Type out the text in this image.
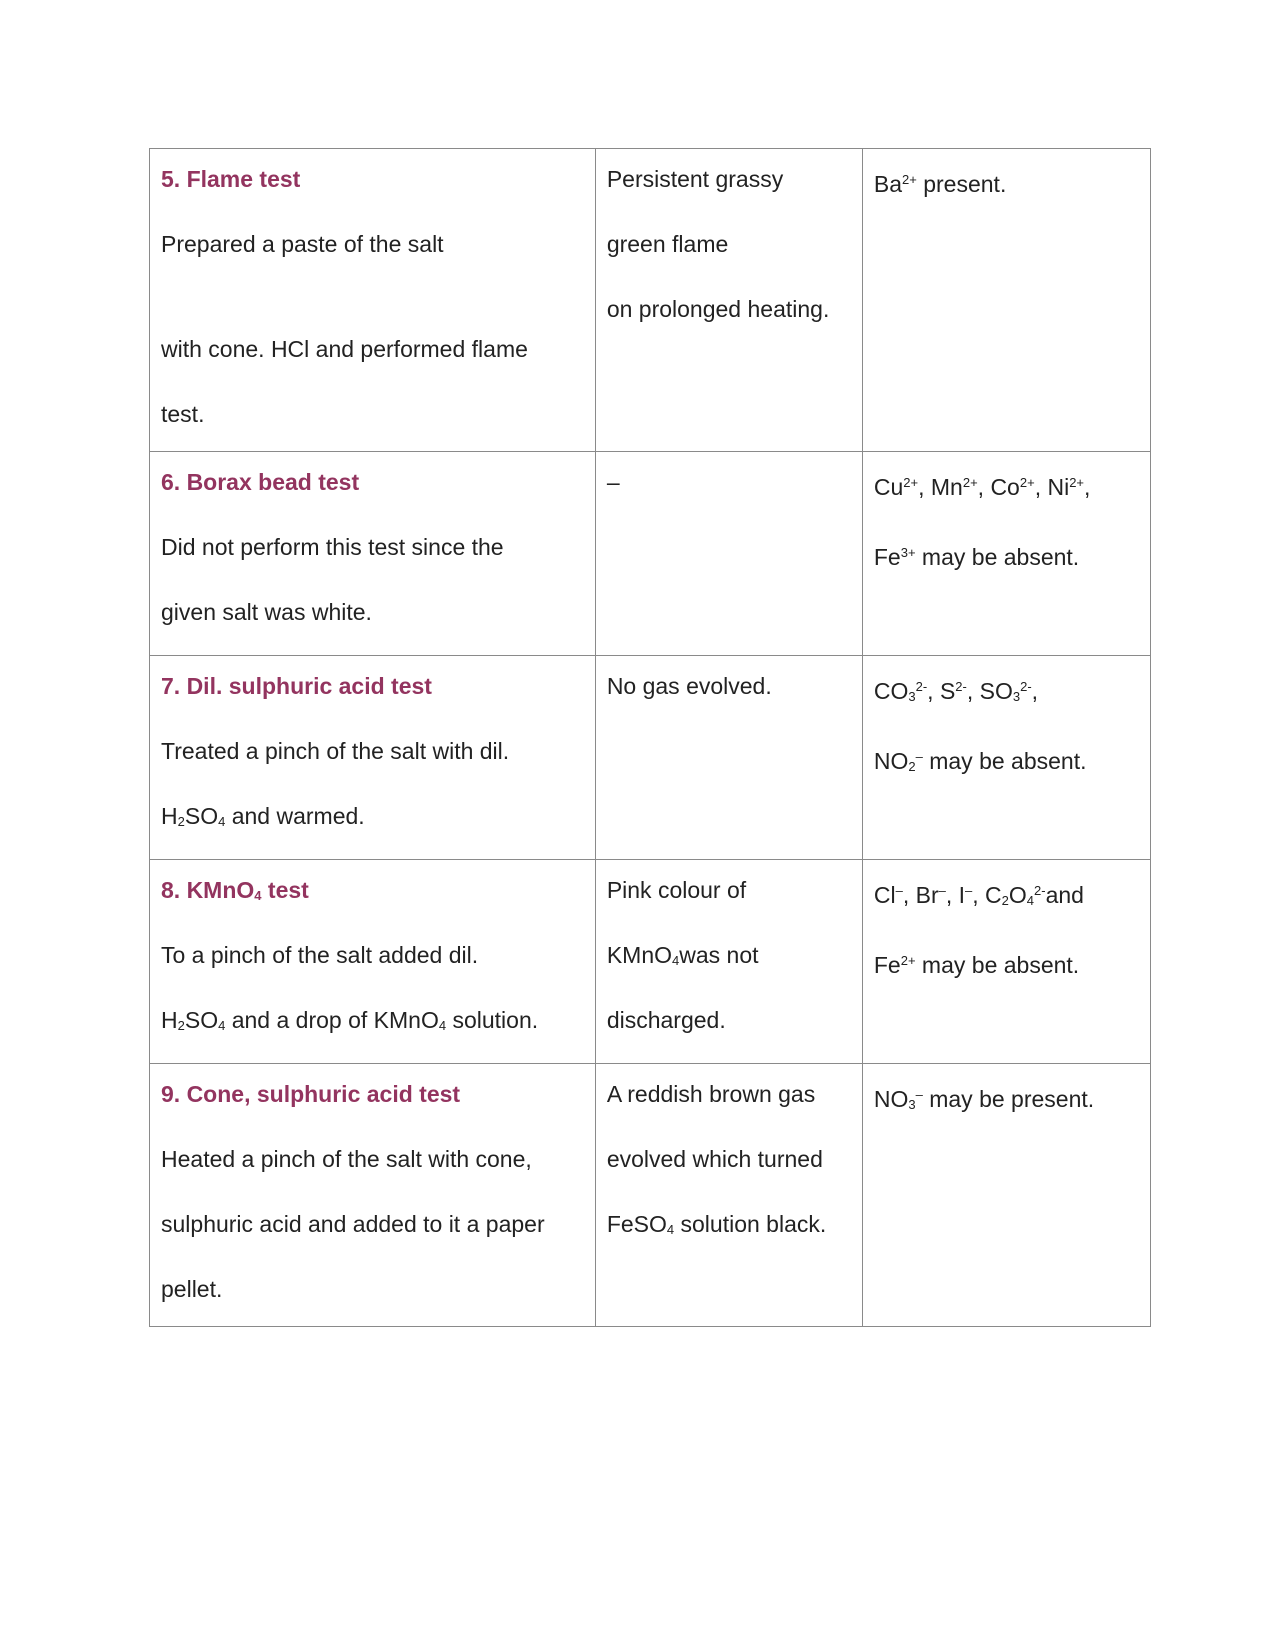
5. Flame test
Prepared a paste of the salt
with cone. HCl and performed flame
test.	Persistent grassy
green flame
on prolonged heating.	$Ba^{2+}$ present.

6. Borax bead test
Did not perform this test since the
given salt was white.	–	$Cu^{2+}$, $Mn^{2+}$, $Co^{2+}$, $Ni^{2+}$,
$Fe^{3+}$ may be absent.

7. Dil. sulphuric acid test
Treated a pinch of the salt with dil.
$H_2SO_4$ and warmed.	No gas evolved.	$CO_3^{2-}$, $S^{2-}$, $SO_3^{2-}$,
$NO_2^-$ may be absent.

8. KMnO$_4$ test
To a pinch of the salt added dil.
$H_2SO_4$ and a drop of KMnO$_4$ solution.	Pink colour of
KMnO$_4$was not
discharged.	Cl–, Br–, I–, $C_2O_4^{2-}and$
$Fe^{2+}$ may be absent.

9. Cone, sulphuric acid test
Heated a pinch of the salt with cone,
sulphuric acid and added to it a paper
pellet.	A reddish brown gas
evolved which turned
FeSO$_4$ solution black.	$NO_3^-$ may be present.
